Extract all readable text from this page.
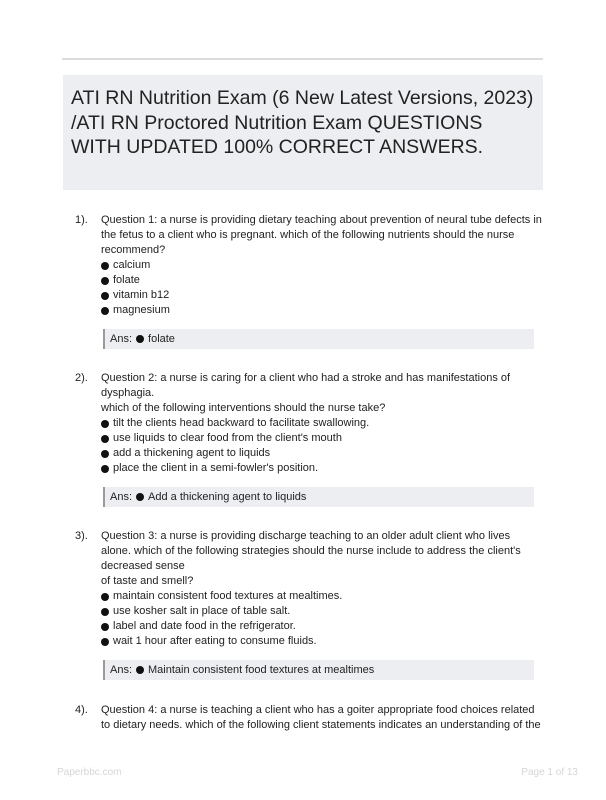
ATI RN Nutrition Exam (6 New Latest Versions, 2023) /ATI RN Proctored Nutrition Exam QUESTIONS WITH UPDATED 100% CORRECT ANSWERS.
1). Question 1: a nurse is providing dietary teaching about prevention of neural tube defects in the fetus to a client who is pregnant. which of the following nutrients should the nurse recommend?
calcium
folate
vitamin b12
magnesium
Ans: folate
2). Question 2: a nurse is caring for a client who had a stroke and has manifestations of dysphagia.
which of the following interventions should the nurse take?
tilt the clients head backward to facilitate swallowing.
use liquids to clear food from the client's mouth
add a thickening agent to liquids
place the client in a semi-fowler's position.
Ans: Add a thickening agent to liquids
3). Question 3: a nurse is providing discharge teaching to an older adult client who lives alone. which of the following strategies should the nurse include to address the client's decreased sense
of taste and smell?
maintain consistent food textures at mealtimes.
use kosher salt in place of table salt.
label and date food in the refrigerator.
wait 1 hour after eating to consume fluids.
Ans: Maintain consistent food textures at mealtimes
4). Question 4: a nurse is teaching a client who has a goiter appropriate food choices related to dietary needs. which of the following client statements indicates an understanding of the
Paperbbc.com	Page 1 of 13
